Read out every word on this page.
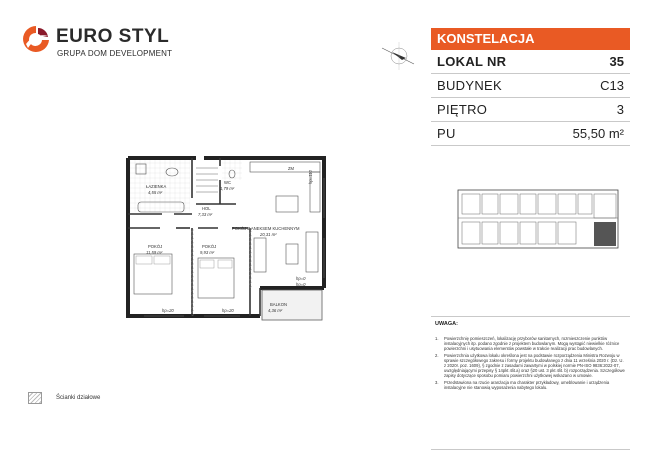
EURO STYL
GRUPA DOM DEVELOPMENT
KONSTELACJA
LOKAL NR	35
BUDYNEK	C13
PIĘTRO	3
PU	55,50 m²
ŁAZIENKA
4,55 m²
WC
1,79 m²
HOL
7,33 m²
POKÓJ Z ANEKSEM KUCHENNYM
20,31 m²
POKÓJ
11,59 m²
POKÓJ
9,93 m²
BALKON
4,36 m²
ZM
hp=20	hp=20
hp=0
hp=0
hp=110
UWAGA:
1.	Powierzchnię pomieszczeń, lokalizację przyborów sanitarnych, rozmieszczenie punktów instalacyjnych itp. podano zgodnie z projektem budowlanym. Mogą wystąpić niewielkie różnice powierzchni i usytuowania elementów powstałe w trakcie realizacji prac budowlanych.
2.	Powierzchnia użytkowa lokalu określona jest na podstawie rozporządzenia Ministra Rozwoju w sprawie szczegółowego zakresu i formy projektu budowlanego z dnia 11 września 2020 r. (Dz. U. z 2020r. poz. 1609), § zgodnie z zasadami zawartymi w polskiej normie PN-ISO 9836:2022-07, uwzględniającymi przepisy § 14pkt 4lit.a) oraz §20 ust. 3 pkt 4lit. b) rozporządzenia. Szczegółowe zapisy dotyczące sposobu pomiaru powierzchni użytkowej wskazano w umowie.
3.	Przedstawiona na rzucie aranżacja ma charakter przykładowy, umeblowanie i urządzenia instalacyjne nie stanowią wyposażenia nabytego lokalu.
Ścianki działowe
